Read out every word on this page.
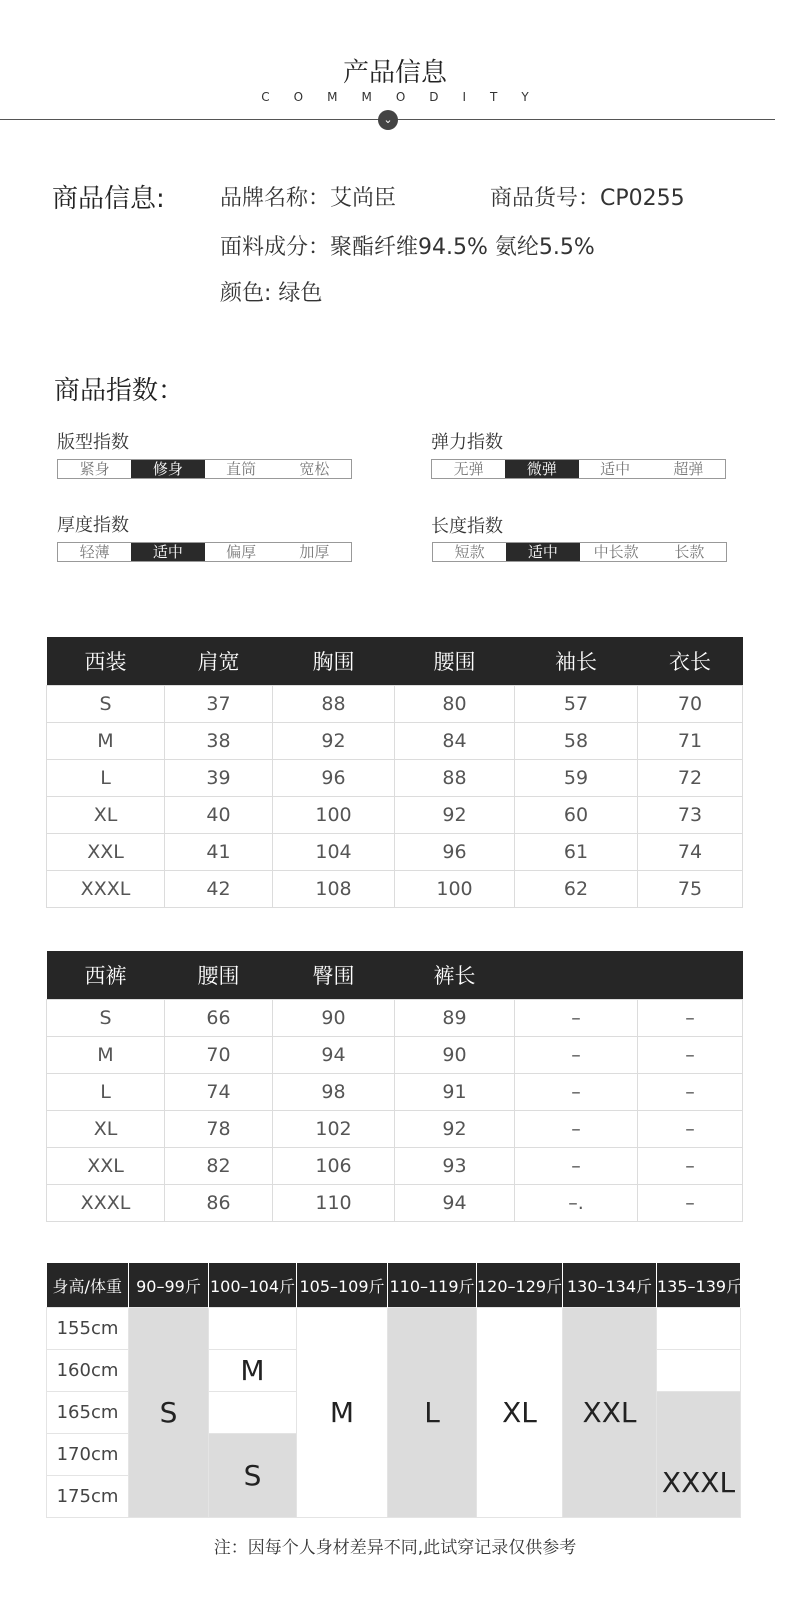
产品信息
COMMODITY
⌄
商品信息:	品牌名称：艾尚臣	商品货号：CP0255
面料成分：聚酯纤维94.5% 氨纶5.5%
颜色: 绿色
商品指数：
版型指数
紧身	修身	直筒	宽松
弹力指数
无弹	微弹	适中	超弹
厚度指数
轻薄	适中	偏厚	加厚
长度指数
短款	适中	中长款	长款
西装	肩宽	胸围	腰围	袖长	衣长
S	37	88	80	57	70
M	38	92	84	58	71
L	39	96	88	59	72
XL	40	100	92	60	73
XXL	41	104	96	61	74
XXXL	42	108	100	62	75
西裤	腰围	臀围	裤长		
S	66	90	89	–	–
M	70	94	90	–	–
L	74	98	91	–	–
XL	78	102	92	–	–
XXL	82	106	93	–	–
XXXL	86	110	94	–.	–
身高/体重	90–99斤	100–104斤	105–109斤	110–119斤	120–129斤	130–134斤	135–139斤
155cm	S		M	L	XL	XXL	
160cm		M					
165cm							XXXL
170cm		S					
175cm							
注：因每个人身材差异不同,此试穿记录仅供参考
